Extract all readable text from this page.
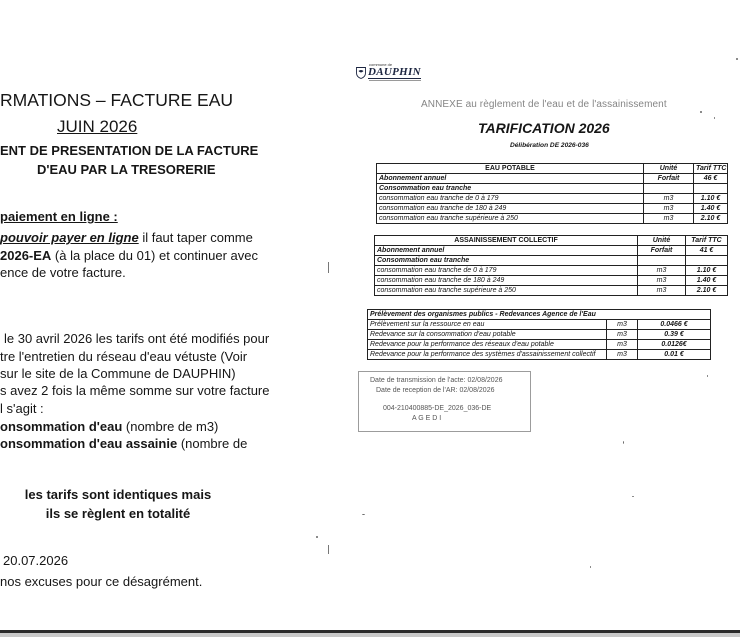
RMATIONS – FACTURE EAU
JUIN 2026
ENT DE PRESENTATION DE LA FACTURE
D'EAU PAR LA TRESORERIE
paiement en ligne :
pouvoir payer en ligne il faut taper comme
2026-EA (à la place du 01) et continuer avec
ence de votre facture.
le 30 avril 2026 les tarifs ont été modifiés pour
tre l'entretien du réseau d'eau vétuste (Voir
sur le site de la Commune de DAUPHIN)
s avez 2 fois la même somme sur votre facture
l s'agit :
onsommation d'eau (nombre de m3)
onsommation d'eau assainie (nombre de
les tarifs sont identiques mais
ils se règlent en totalité
20.07.2026
nos excuses pour ce désagrément.
commune de
DAUPHIN
ANNEXE au règlement de l'eau et de l'assainissement
TARIFICATION 2026
Délibération DE 2026-036
EAU POTABLE	Unité	Tarif TTC
Abonnement annuel	Forfait	46 €
Consommation eau tranche		
consommation eau tranche de 0 à 179	m3	1.10 €
consommation eau tranche de 180 à 249	m3	1.40 €
consommation eau tranche supérieure à 250	m3	2.10 €
ASSAINISSEMENT COLLECTIF	Unité	Tarif TTC
Abonnement annuel	Forfait	41 €
Consommation eau tranche		
consommation eau tranche de 0 à 179	m3	1.10 €
consommation eau tranche de 180 à 249	m3	1.40 €
consommation eau tranche supérieure à 250	m3	2.10 €
Prélèvement des organismes publics - Redevances Agence de l'Eau		
Prélèvement sur la ressource en eau	m3	0.0466 €
Redevance sur la consommation d'eau potable	m3	0.39 €
Redevance pour la performance des réseaux d'eau potable	m3	0.0126€
Redevance pour la performance des systèmes d'assainissement collectif	m3	0.01 €
Date de transmission de l'acte: 02/08/2026
Date de reception de l'AR: 02/08/2026
004-210400885-DE_2026_036-DE
A G E D I
